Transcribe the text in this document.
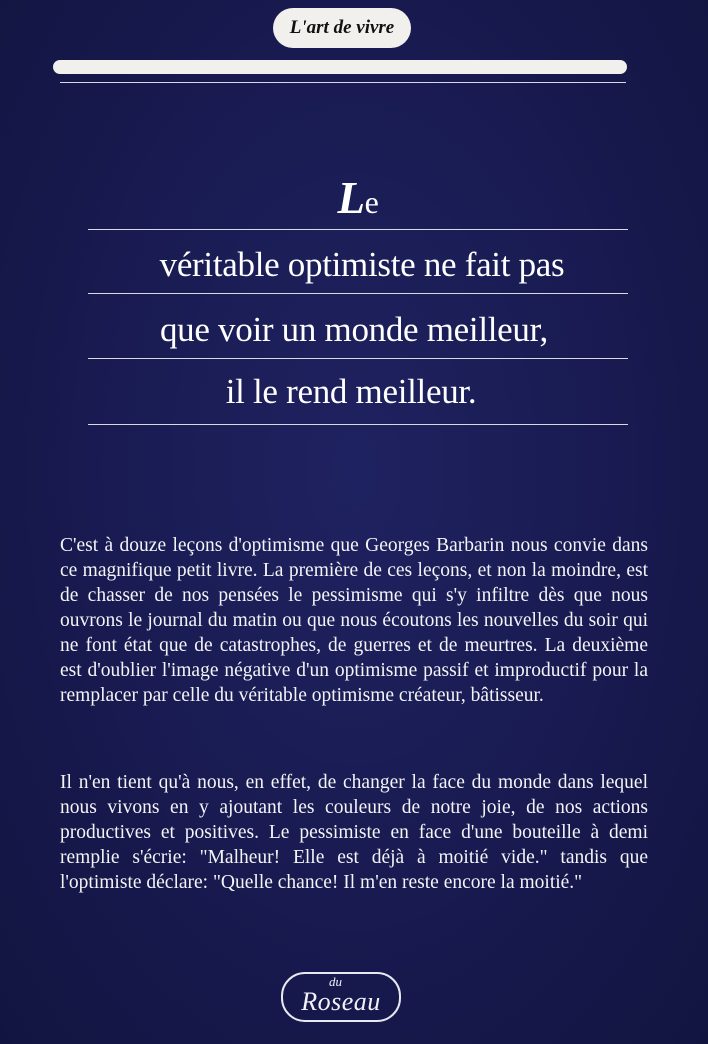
L'art de vivre
Le
véritable optimiste ne fait pas
que voir un monde meilleur,
il le rend meilleur.

C'est à douze leçons d'optimisme que Georges Barbarin nous convie dans ce magnifique petit livre. La première de ces leçons, et non la moindre, est de chasser de nos pensées le pessimisme qui s'y infiltre dès que nous ouvrons le journal du matin ou que nous écoutons les nouvelles du soir qui ne font état que de catastrophes, de guerres et de meurtres. La deuxième est d'oublier l'image négative d'un optimisme passif et improductif pour la remplacer par celle du véritable optimisme créateur, bâtisseur.

Il n'en tient qu'à nous, en effet, de changer la face du monde dans lequel nous vivons en y ajoutant les couleurs de notre joie, de nos actions productives et positives. Le pessimiste en face d'une bouteille à demi remplie s'écrie: "Malheur! Elle est déjà à moitié vide." tandis que l'optimiste déclare: "Quelle chance! Il m'en reste encore la moitié."

du
Roseau
